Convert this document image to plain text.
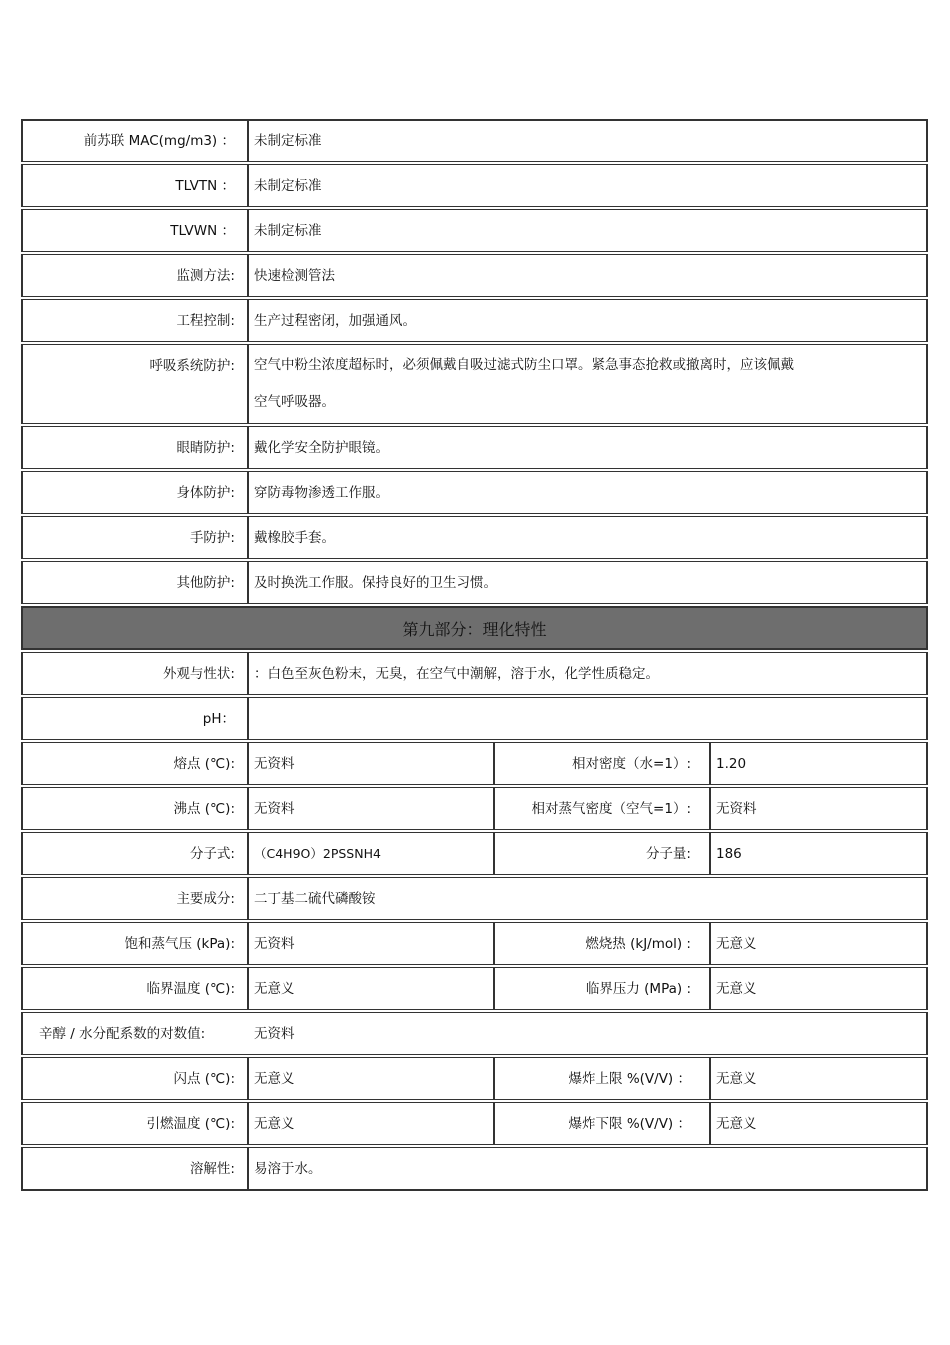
前苏联 MAC(mg/m3) ：	未制定标准
TLVTN ：	未制定标准
TLVWN ：	未制定标准
监测方法:	快速检测管法
工程控制:	生产过程密闭，加强通风。
呼吸系统防护:	空气中粉尘浓度超标时，必须佩戴自吸过滤式防尘口罩。紧急事态抢救或撤离时，应该佩戴
空气呼吸器。
眼睛防护:	戴化学安全防护眼镜。
身体防护:	穿防毒物渗透工作服。
手防护:	戴橡胶手套。
其他防护:	及时换洗工作服。保持良好的卫生习惯。
第九部分：理化特性
外观与性状:	：白色至灰色粉末，无臭，在空气中潮解，溶于水，化学性质稳定。
pH：
熔点 (℃):	无资料	相对密度（水=1）:	1.20
沸点 (℃):	无资料	相对蒸气密度（空气=1）:	无资料
分子式:	（C4H9O）2PSSNH4	分子量:	186
主要成分:	二丁基二硫代磷酸铵
饱和蒸气压 (kPa):	无资料	燃烧热 (kJ/mol) :	无意义
临界温度 (℃):	无意义	临界压力 (MPa) :	无意义
辛醇 / 水分配系数的对数值:	无资料
闪点 (℃):	无意义	爆炸上限 %(V/V) ：	无意义
引燃温度 (℃):	无意义	爆炸下限 %(V/V) ：	无意义
溶解性:	易溶于水。
